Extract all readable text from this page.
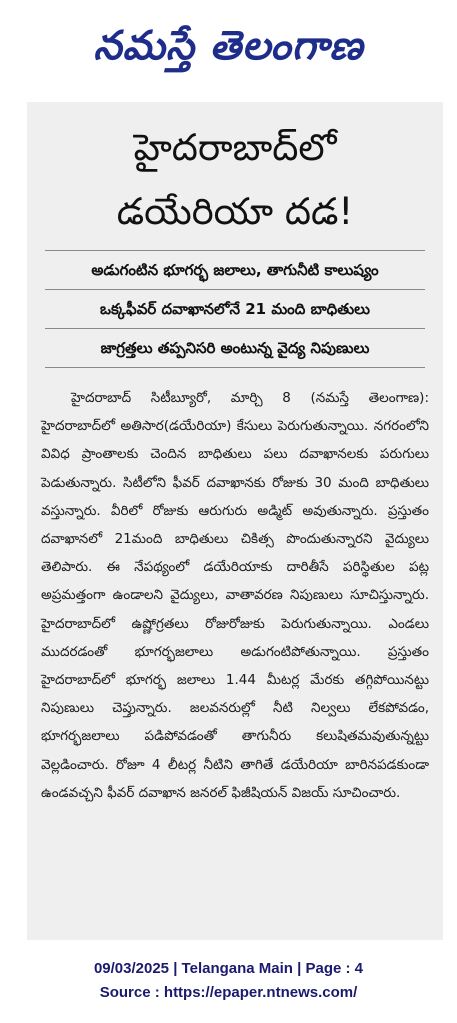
నమస్తే తెలంగాణ
హైదరాబాద్‌లో
డయేరియా దడ!
అడుగంటిన భూగర్భ జలాలు, తాగునీటి కాలుష్యం
ఒక్కఫీవర్ దవాఖానలోనే 21 మంది బాధితులు
జాగ్రత్తలు తప్పనిసరి అంటున్న వైద్య నిపుణులు
హైదరాబాద్ సిటీబ్యూరో, మార్చి 8 (నమస్తే తెలంగాణ): హైదరాబాద్‌లో అతిసార(డయేరియా) కేసులు పెరుగుతున్నాయి. నగరంలోని వివిధ ప్రాంతాలకు చెందిన బాధితులు పలు దవాఖానలకు పరుగులు పెడుతున్నారు. సిటీలోని ఫీవర్ దవాఖానకు రోజుకు 30 మంది బాధితులు వస్తున్నారు. వీరిలో రోజుకు ఆరుగురు అడ్మిట్ అవుతున్నారు. ప్రస్తుతం దవాఖానలో 21మంది బాధితులు చికిత్స పొందుతున్నారని వైద్యులు తెలిపారు. ఈ నేపథ్యంలో డయేరియాకు దారితీసే పరిస్థితుల పట్ల అప్రమత్తంగా ఉండాలని వైద్యులు, వాతావరణ నిపుణులు సూచిస్తున్నారు. హైదరాబాద్‌లో ఉష్ణోగ్రతలు రోజురోజుకు పెరుగుతున్నాయి. ఎండలు ముదరడంతో భూగర్భజలాలు అడుగంటిపోతున్నాయి. ప్రస్తుతం హైదరాబాద్‌లో భూగర్భ జలాలు 1.44 మీటర్ల మేరకు తగ్గిపోయినట్టు నిపుణులు చెప్తున్నారు. జలవనరుల్లో నీటి నిల్వలు లేకపోవడం, భూగర్భజలాలు పడిపోవడంతో తాగునీరు కలుషితమవుతున్నట్టు వెల్లడించారు. రోజూ 4 లీటర్ల నీటిని తాగితే డయేరియా బారినపడకుండా ఉండవచ్చని ఫీవర్ దవాఖాన జనరల్ ఫిజీషియన్ విజయ్ సూచించారు.
09/03/2025 | Telangana Main | Page : 4
Source : https://epaper.ntnews.com/
